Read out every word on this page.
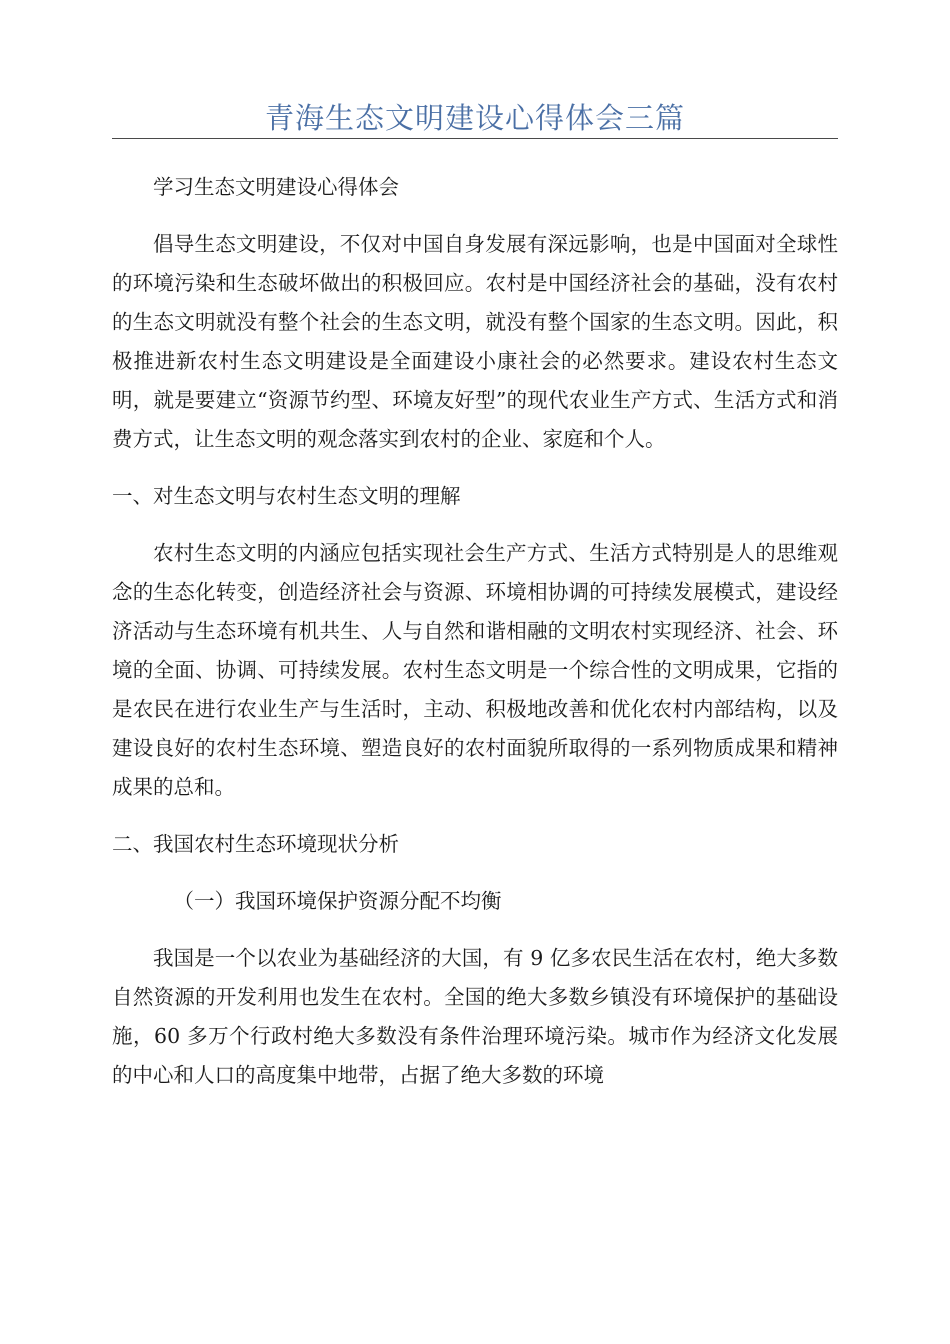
青海生态文明建设心得体会三篇

学习生态文明建设心得体会

倡导生态文明建设，不仅对中国自身发展有深远影响，也是中国面对全球性的环境污染和生态破坏做出的积极回应。农村是中国经济社会的基础，没有农村的生态文明就没有整个社会的生态文明，就没有整个国家的生态文明。因此，积极推进新农村生态文明建设是全面建设小康社会的必然要求。建设农村生态文明，就是要建立“资源节约型、环境友好型”的现代农业生产方式、生活方式和消费方式，让生态文明的观念落实到农村的企业、家庭和个人。

一、对生态文明与农村生态文明的理解

农村生态文明的内涵应包括实现社会生产方式、生活方式特别是人的思维观念的生态化转变，创造经济社会与资源、环境相协调的可持续发展模式，建设经济活动与生态环境有机共生、人与自然和谐相融的文明农村实现经济、社会、环境的全面、协调、可持续发展。农村生态文明是一个综合性的文明成果，它指的是农民在进行农业生产与生活时，主动、积极地改善和优化农村内部结构，以及建设良好的农村生态环境、塑造良好的农村面貌所取得的一系列物质成果和精神成果的总和。

二、我国农村生态环境现状分析

（一）我国环境保护资源分配不均衡

我国是一个以农业为基础经济的大国，有 9 亿多农民生活在农村，绝大多数自然资源的开发利用也发生在农村。全国的绝大多数乡镇没有环境保护的基础设施，60 多万个行政村绝大多数没有条件治理环境污染。城市作为经济文化发展的中心和人口的高度集中地带，占据了绝大多数的环境
